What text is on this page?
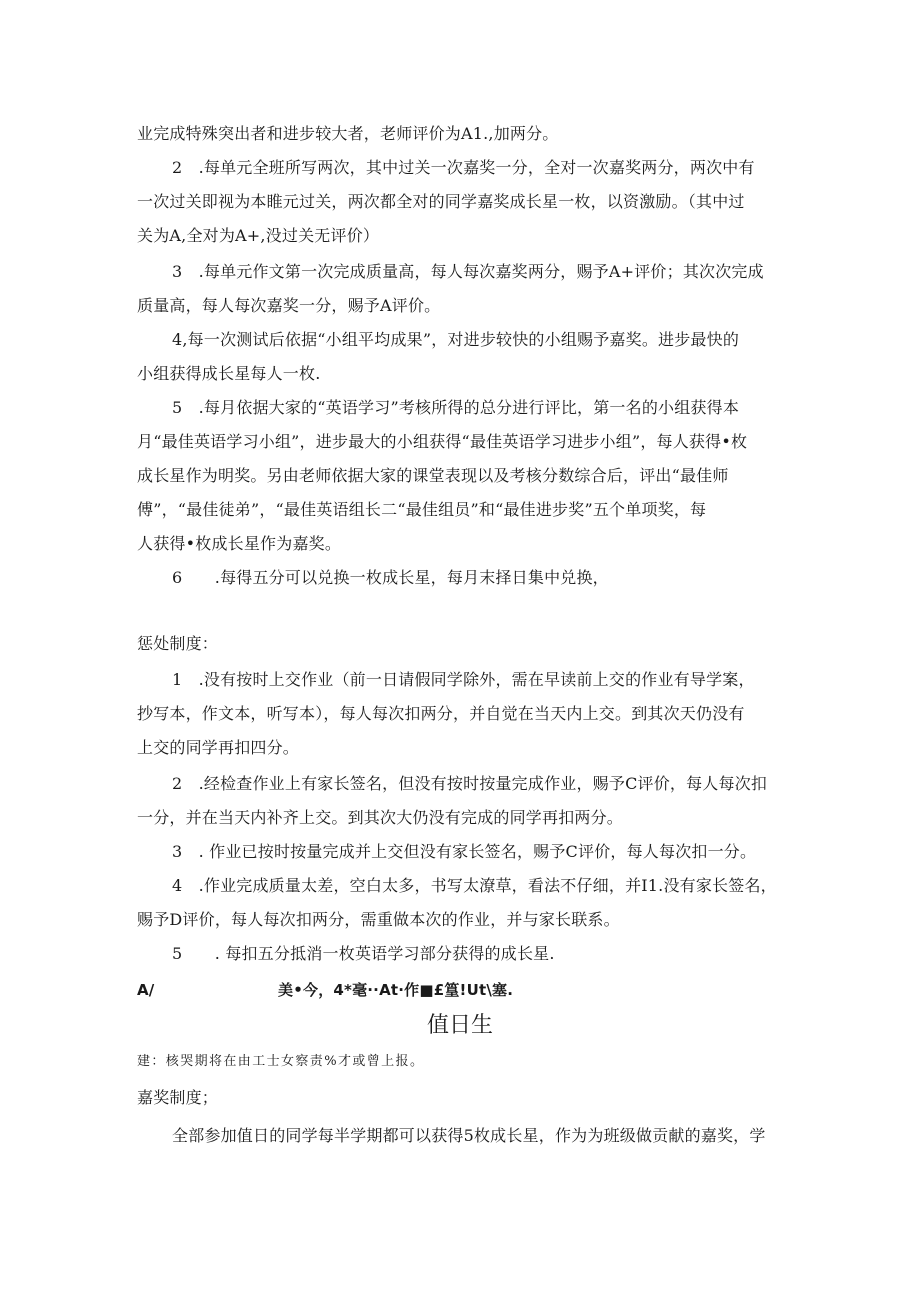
业完成特殊突出者和进步较大者，老师评价为A1.,加两分。
2　.每单元全班所写两次，其中过关一次嘉奖一分，全对一次嘉奖两分，两次中有
一次过关即视为本睢元过关，两次都全对的同学嘉奖成长星一枚，以资激励。（其中过
关为A,全对为A+,没过关无评价）
3　.每单元作文第一次完成质量高，每人每次嘉奖两分，赐予A+评价；其次次完成
质量高，每人每次嘉奖一分，赐予A评价。
4,每一次测试后依据“小组平均成果”，对进步较快的小组赐予嘉奖。进步最快的
小组获得成长星每人一枚.
5　.每月依据大家的“英语学习”考核所得的总分进行评比，第一名的小组获得本
月“最佳英语学习小组”，进步最大的小组获得“最佳英语学习进步小组”，每人获得•枚
成长星作为明奖。另由老师依据大家的课堂表现以及考核分数综合后，评出“最佳师
傅”，“最佳徒弟”，“最佳英语组长二“最佳组员”和“最佳进步奖”五个单项奖，每
人获得•枚成长星作为嘉奖。
6　　.每得五分可以兑换一枚成长星，每月末择日集中兑换，
惩处制度：
1　.没有按时上交作业（前一日请假同学除外，需在早读前上交的作业有导学案，
抄写本，作文本，听写本），每人每次扣两分，并自觉在当天内上交。到其次天仍没有
上交的同学再扣四分。
2　.经检查作业上有家长签名，但没有按时按量完成作业，赐予C评价，每人每次扣
一分，并在当天内补齐上交。到其次大仍没有完成的同学再扣两分。
3　. 作业已按时按量完成并上交但没有家长签名，赐予C评价，每人每次扣一分。
4　.作业完成质量太差，空白太多，书写太潦草，看法不仔细，并I1.没有家长签名，
赐予D评价，每人每次扣两分，需重做本次的作业，并与家长联系。
5　　. 每扣五分抵消一枚英语学习部分获得的成长星.
A/	美•今，4*毫··At·作■£篁!Ut\塞.
值日生
建：核哭期将在由工士女察责%才或曾上报。
嘉奖制度；
全部参加值日的同学每半学期都可以获得5枚成长星，作为为班级做贡献的嘉奖，学
